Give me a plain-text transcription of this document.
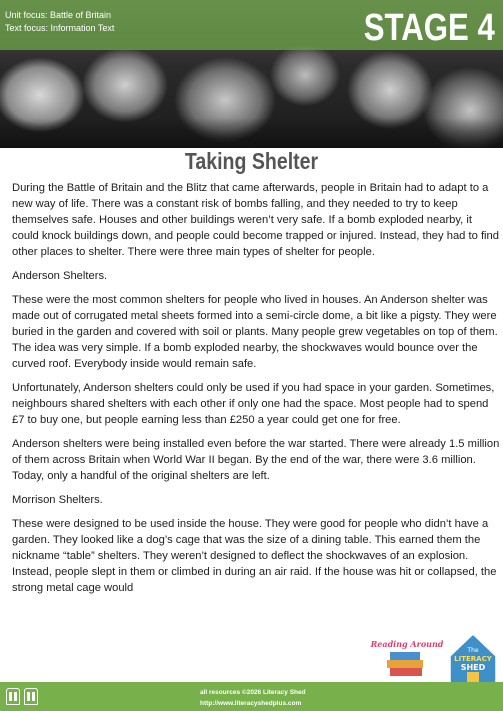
Unit focus: Battle of Britain
Text focus: Information Text	STAGE 4
Taking Shelter

During the Battle of Britain and the Blitz that came afterwards, people in Britain had to adapt to a new way of life. There was a constant risk of bombs falling, and they needed to try to keep themselves safe. Houses and other buildings weren’t very safe. If a bomb exploded nearby, it could knock buildings down, and people could become trapped or injured. Instead, they had to find other places to shelter. There were three main types of shelter for people.

Anderson Shelters.

These were the most common shelters for people who lived in houses. An Anderson shelter was made out of corrugated metal sheets formed into a semi-circle dome, a bit like a pigsty. They were buried in the garden and covered with soil or plants. Many people grew vegetables on top of them. The idea was very simple. If a bomb exploded nearby, the shockwaves would bounce over the curved roof. Everybody inside would remain safe.

Unfortunately, Anderson shelters could only be used if you had space in your garden. Sometimes, neighbours shared shelters with each other if only one had the space. Most people had to spend £7 to buy one, but people earning less than £250 a year could get one for free.

Anderson shelters were being installed even before the war started. There were already 1.5 million of them across Britain when World War II began. By the end of the war, there were 3.6 million. Today, only a handful of the original shelters are left.

Morrison Shelters.

These were designed to be used inside the house. They were good for people who didn’t have a garden. They looked like a dog’s cage that was the size of a dining table. This earned them the nickname “table” shelters. They weren’t designed to deflect the shockwaves of an explosion. Instead, people slept in them or climbed in during an air raid. If the house was hit or collapsed, the strong metal cage would

Reading Around
The
LITERACY
SHED
all resources ©2026 Literacy Shed
http://www.literacyshedplus.com
